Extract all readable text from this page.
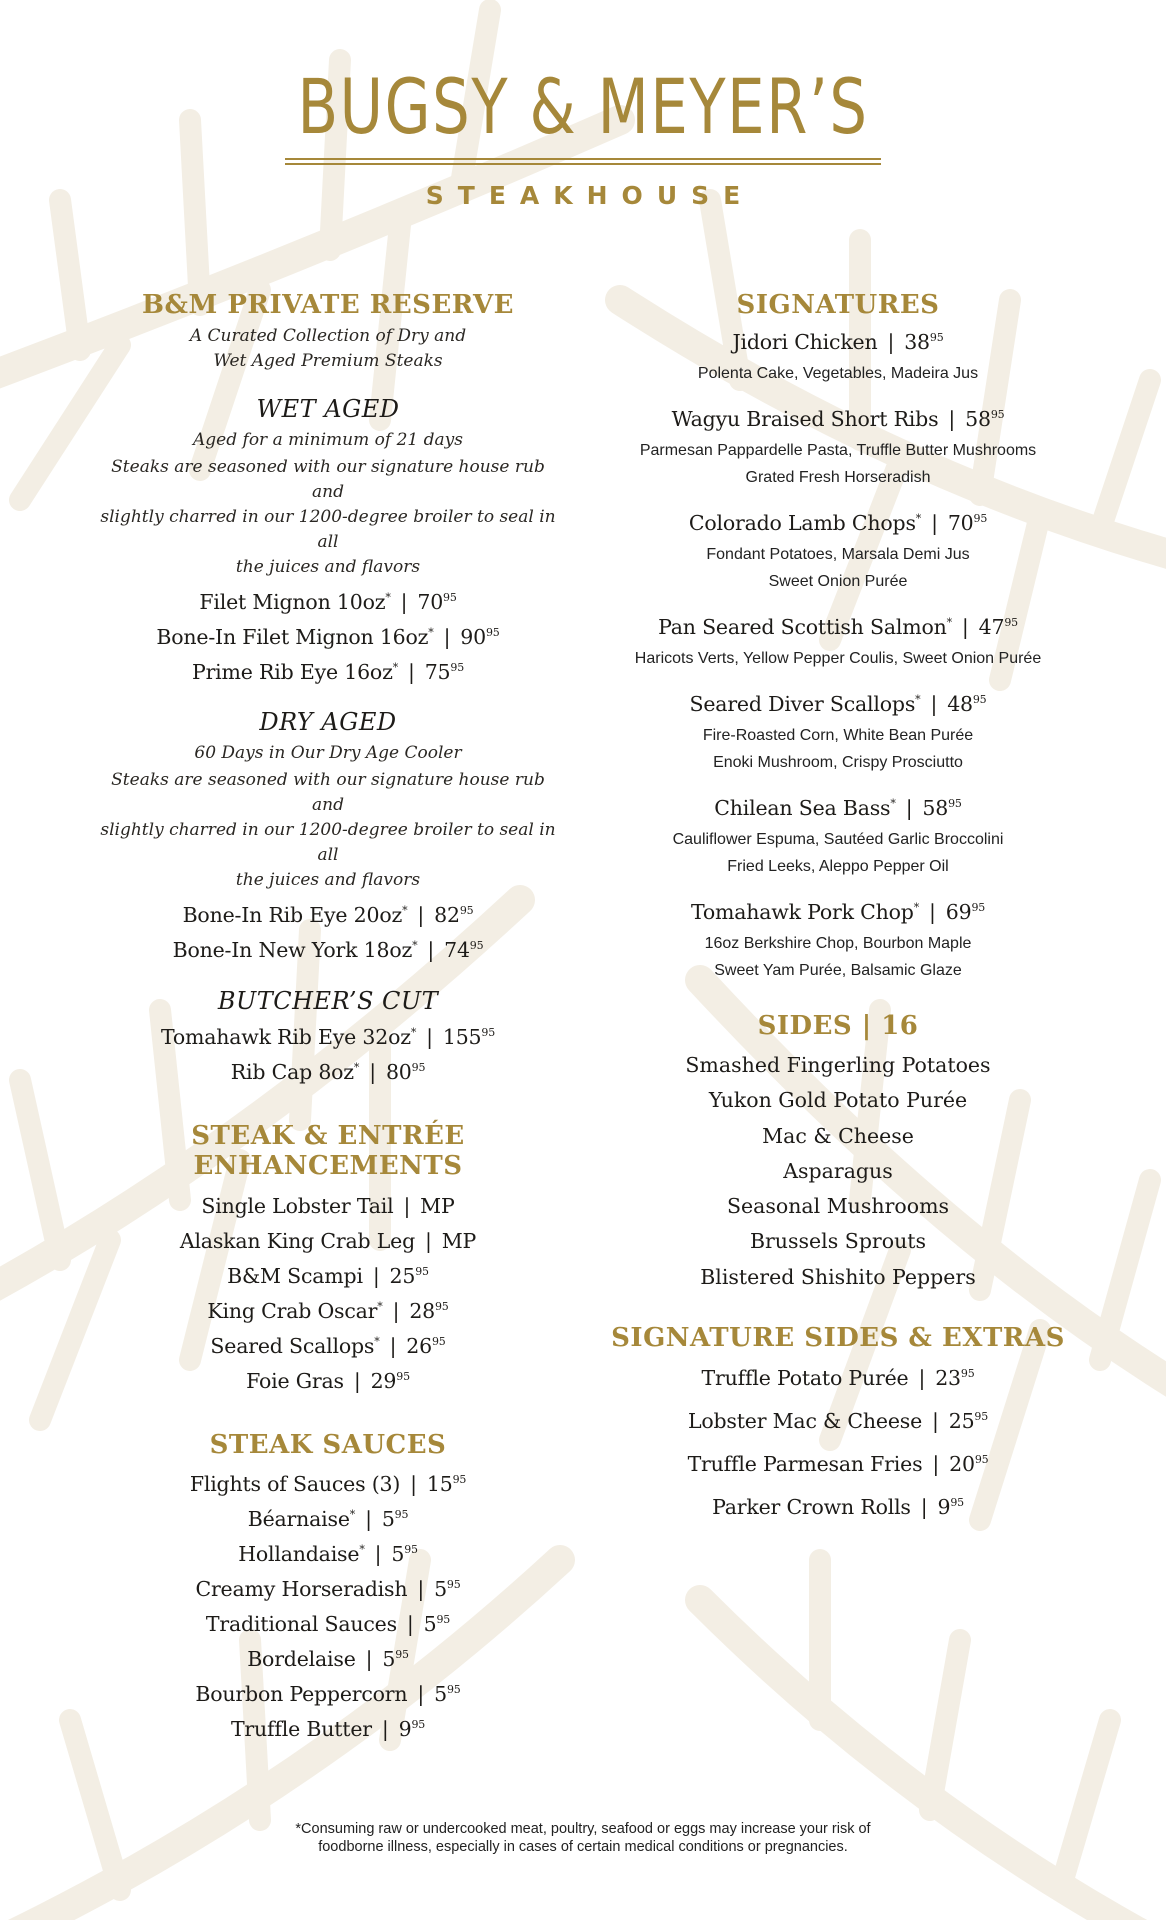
BUGSY & MEYER’S
STEAKHOUSE
B&M PRIVATE RESERVE
A Curated Collection of Dry and
Wet Aged Premium Steaks
WET AGED
Aged for a minimum of 21 days
Steaks are seasoned with our signature house rub and
slightly charred in our 1200-degree broiler to seal in all
the juices and flavors
Filet Mignon 10oz* | $70^{95}$
Bone-In Filet Mignon 16oz* | $90^{95}$
Prime Rib Eye 16oz* | $75^{95}$
DRY AGED
60 Days in Our Dry Age Cooler
Steaks are seasoned with our signature house rub and
slightly charred in our 1200-degree broiler to seal in all
the juices and flavors
Bone-In Rib Eye 20oz* | $82^{95}$
Bone-In New York 18oz* | $74^{95}$
BUTCHER’S CUT
Tomahawk Rib Eye 32oz* | $155^{95}$
Rib Cap 8oz* | $80^{95}$
STEAK & ENTRÉE
ENHANCEMENTS
Single Lobster Tail | MP
Alaskan King Crab Leg | MP
B&M Scampi | $25^{95}$
King Crab Oscar* | $28^{95}$
Seared Scallops* | $26^{95}$
Foie Gras | $29^{95}$
STEAK SAUCES
Flights of Sauces (3) | $15^{95}$
Béarnaise* | $5^{95}$
Hollandaise* | $5^{95}$
Creamy Horseradish | $5^{95}$
Traditional Sauces | $5^{95}$
Bordelaise | $5^{95}$
Bourbon Peppercorn | $5^{95}$
Truffle Butter | $9^{95}$
SIGNATURES
Jidori Chicken | $38^{95}$
Polenta Cake, Vegetables, Madeira Jus
Wagyu Braised Short Ribs | $58^{95}$
Parmesan Pappardelle Pasta, Truffle Butter Mushrooms
Grated Fresh Horseradish
Colorado Lamb Chops* | $70^{95}$
Fondant Potatoes, Marsala Demi Jus
Sweet Onion Purée
Pan Seared Scottish Salmon* | $47^{95}$
Haricots Verts, Yellow Pepper Coulis, Sweet Onion Purée
Seared Diver Scallops* | $48^{95}$
Fire-Roasted Corn, White Bean Purée
Enoki Mushroom, Crispy Prosciutto
Chilean Sea Bass* | $58^{95}$
Cauliflower Espuma, Sautéed Garlic Broccolini
Fried Leeks, Aleppo Pepper Oil
Tomahawk Pork Chop* | $69^{95}$
16oz Berkshire Chop, Bourbon Maple
Sweet Yam Purée, Balsamic Glaze
SIDES | 16
Smashed Fingerling Potatoes
Yukon Gold Potato Purée
Mac & Cheese
Asparagus
Seasonal Mushrooms
Brussels Sprouts
Blistered Shishito Peppers
SIGNATURE SIDES & EXTRAS
Truffle Potato Purée | $23^{95}$
Lobster Mac & Cheese | $25^{95}$
Truffle Parmesan Fries | $20^{95}$
Parker Crown Rolls | $9^{95}$
*Consuming raw or undercooked meat, poultry, seafood or eggs may increase your risk of
foodborne illness, especially in cases of certain medical conditions or pregnancies.
